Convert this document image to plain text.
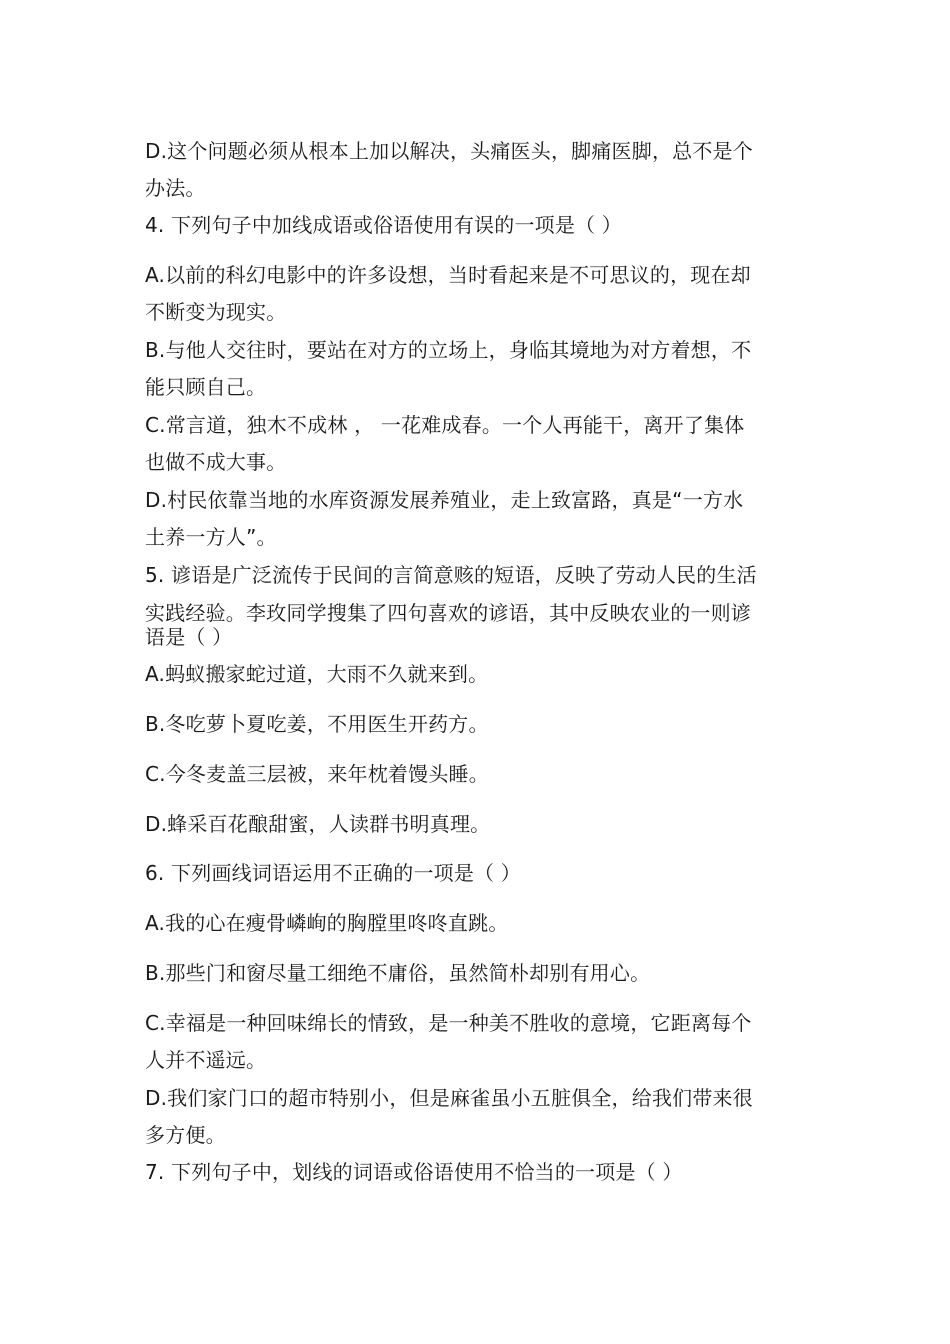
D.这个问题必须从根本上加以解决，头痛医头，脚痛医脚，总不是个
办法。
4. 下列句子中加线成语或俗语使用有误的一项是（ ）
A.以前的科幻电影中的许多设想，当时看起来是不可思议的，现在却
不断变为现实。
B.与他人交往时，要站在对方的立场上，身临其境地为对方着想，不
能只顾自己。
C.常言道，独木不成林 ， 一花难成春。一个人再能干，离开了集体
也做不成大事。
D.村民依靠当地的水库资源发展养殖业，走上致富路，真是“一方水
土养一方人”。
5. 谚语是广泛流传于民间的言简意赅的短语，反映了劳动人民的生活
实践经验。李玫同学搜集了四句喜欢的谚语，其中反映农业的一则谚
语是（ ）
A.蚂蚁搬家蛇过道，大雨不久就来到。
B.冬吃萝卜夏吃姜，不用医生开药方。
C.今冬麦盖三层被，来年枕着馒头睡。
D.蜂采百花酿甜蜜，人读群书明真理。
6. 下列画线词语运用不正确的一项是（ ）
A.我的心在瘦骨嶙峋的胸膛里咚咚直跳。
B.那些门和窗尽量工细绝不庸俗，虽然简朴却别有用心。
C.幸福是一种回味绵长的情致，是一种美不胜收的意境，它距离每个
人并不遥远。
D.我们家门口的超市特别小，但是麻雀虽小五脏俱全，给我们带来很
多方便。
7. 下列句子中，划线的词语或俗语使用不恰当的一项是（ ）
